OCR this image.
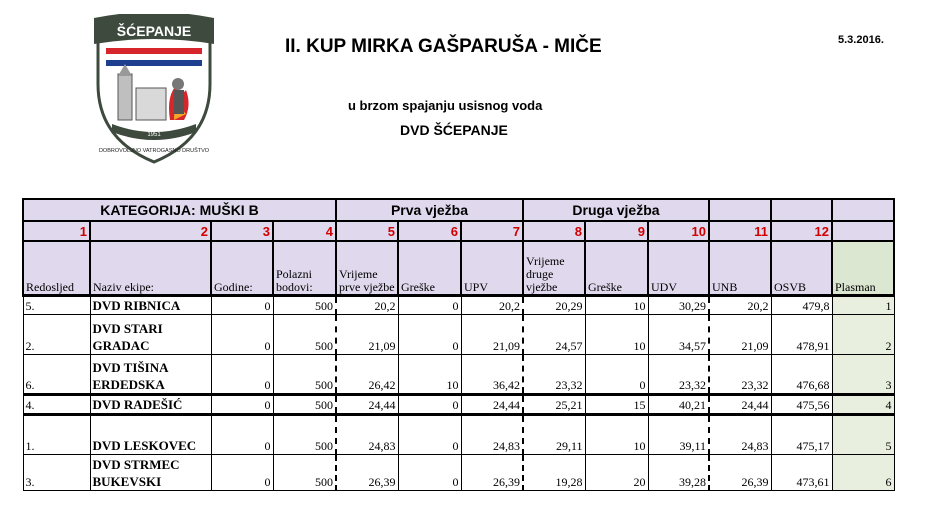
ŠĆEPANJE
1951
DOBROVOLJNO VATROGASNO DRUŠTVO
II. KUP MIRKA GAŠPARUŠA - MIČE	5.3.2016.
u brzom spajanju usisnog voda
DVD ŠĆEPANJE
KATEGORIJA: MUŠKI B				Prva vježba			Druga vježba					
1	2	3	4	5	6	7	8	9	10	11	12	
Redosljed	Naziv ekipe:	Godine:	Polazni bodovi:	Vrijeme prve vježbe	Greške	UPV	Vrijeme druge vježbe	Greške	UDV	UNB	OSVB	Plasman
5.	DVD RIBNICA	0	500	20,2	0	20,2	20,29	10	30,29	20,2	479,8	1
2.	DVD STARI GRADAC	0	500	21,09	0	21,09	24,57	10	34,57	21,09	478,91	2
6.	DVD TIŠINA ERDEDSKA	0	500	26,42	10	36,42	23,32	0	23,32	23,32	476,68	3
4.	DVD RADEŠIĆ	0	500	24,44	0	24,44	25,21	15	40,21	24,44	475,56	4
1.	DVD LESKOVEC	0	500	24,83	0	24,83	29,11	10	39,11	24,83	475,17	5
3.	DVD STRMEC BUKEVSKI	0	500	26,39	0	26,39	19,28	20	39,28	26,39	473,61	6
